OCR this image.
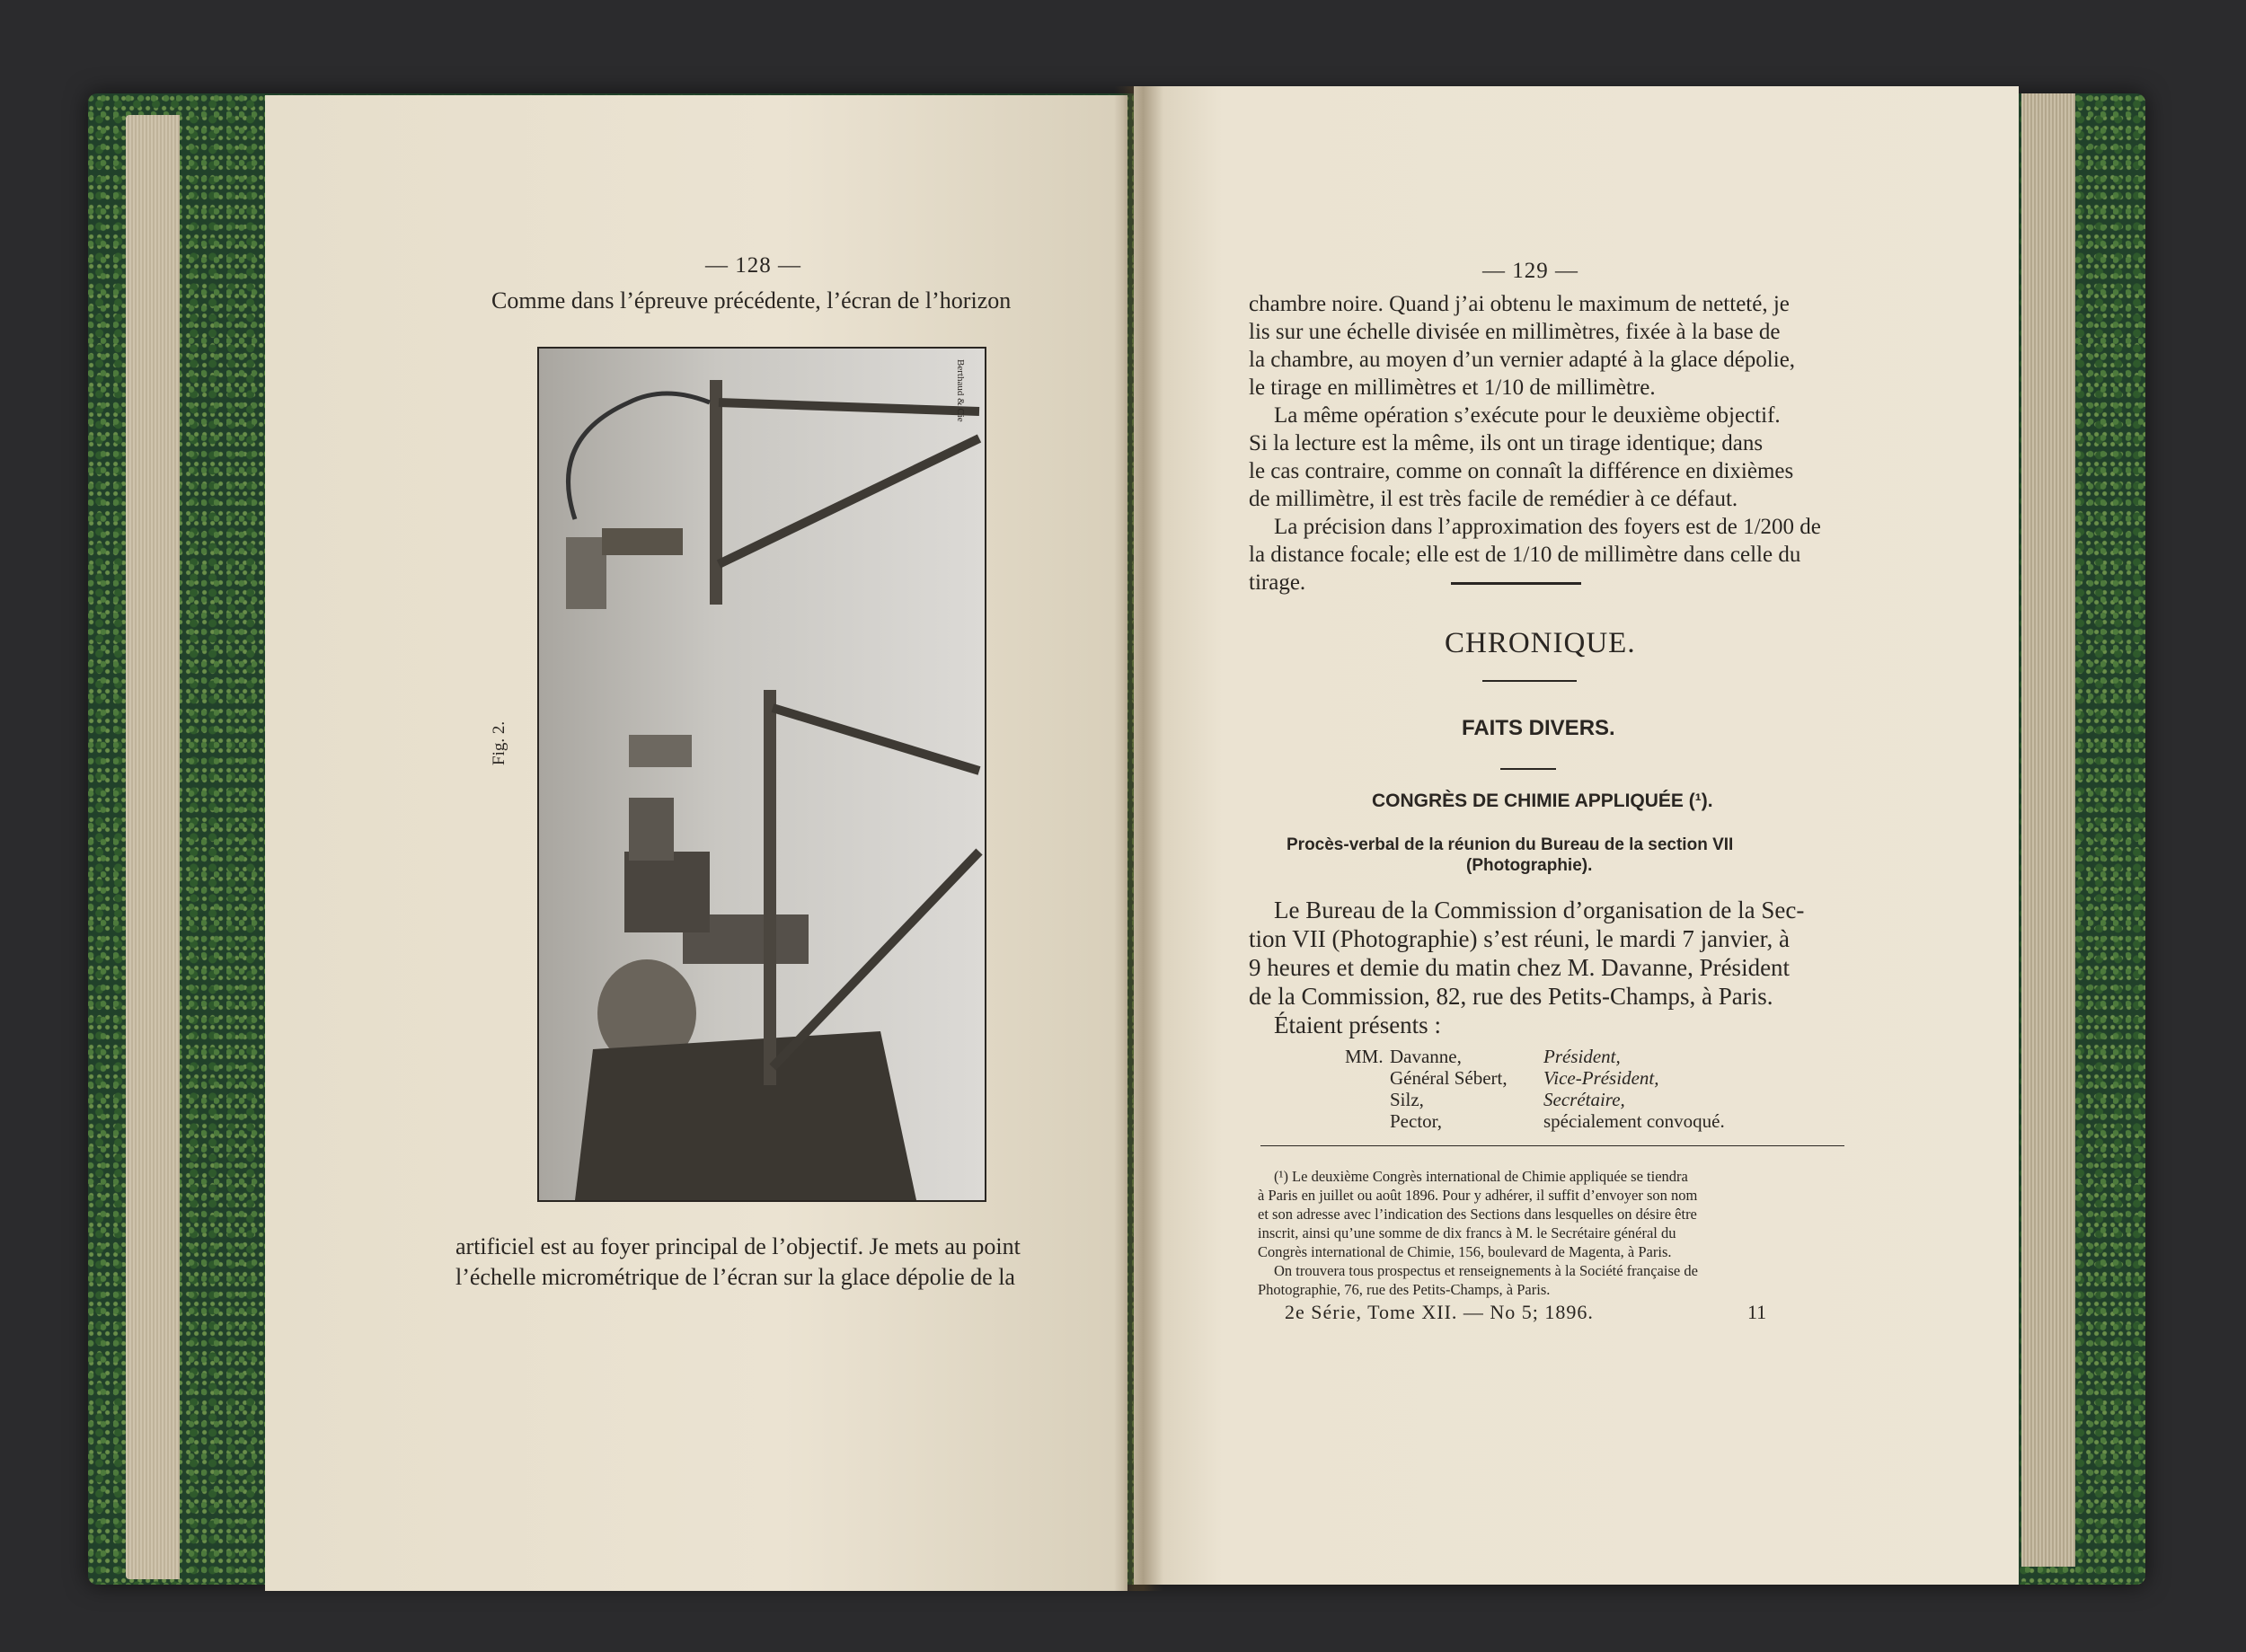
— 128 —
Comme dans l’épreuve précédente, l’écran de l’horizon
Fig. 2.
Berthaud & Cie
artificiel est au foyer principal de l’objectif. Je mets au point
l’échelle micrométrique de l’écran sur la glace dépolie de la
— 129 —
chambre noire. Quand j’ai obtenu le maximum de netteté, je
lis sur une échelle divisée en millimètres, fixée à la base de
la chambre, au moyen d’un vernier adapté à la glace dépolie,
le tirage en millimètres et 1/10 de millimètre.
La même opération s’exécute pour le deuxième objectif.
Si la lecture est la même, ils ont un tirage identique; dans
le cas contraire, comme on connaît la différence en dixièmes
de millimètre, il est très facile de remédier à ce défaut.
La précision dans l’approximation des foyers est de 1/200 de
la distance focale; elle est de 1/10 de millimètre dans celle du
tirage.
CHRONIQUE.
FAITS DIVERS.
CONGRÈS DE CHIMIE APPLIQUÉE (¹).
Procès-verbal de la réunion du Bureau de la section VII
(Photographie).
Le Bureau de la Commission d’organisation de la Sec-
tion VII (Photographie) s’est réuni, le mardi 7 janvier, à
9 heures et demie du matin chez M. Davanne, Président
de la Commission, 82, rue des Petits-Champs, à Paris.
Étaient présents :
MM. Davanne,	Président,
Général Sébert, Vice-Président,
Silz,	Secrétaire,
Pector,	spécialement convoqué.
(¹) Le deuxième Congrès international de Chimie appliquée se tiendra
à Paris en juillet ou août 1896. Pour y adhérer, il suffit d’envoyer son nom
et son adresse avec l’indication des Sections dans lesquelles on désire être
inscrit, ainsi qu’une somme de dix francs à M. le Secrétaire général du
Congrès international de Chimie, 156, boulevard de Magenta, à Paris.
On trouvera tous prospectus et renseignements à la Société française de
Photographie, 76, rue des Petits-Champs, à Paris.
2e Série, Tome XII. — No 5; 1896.	11
